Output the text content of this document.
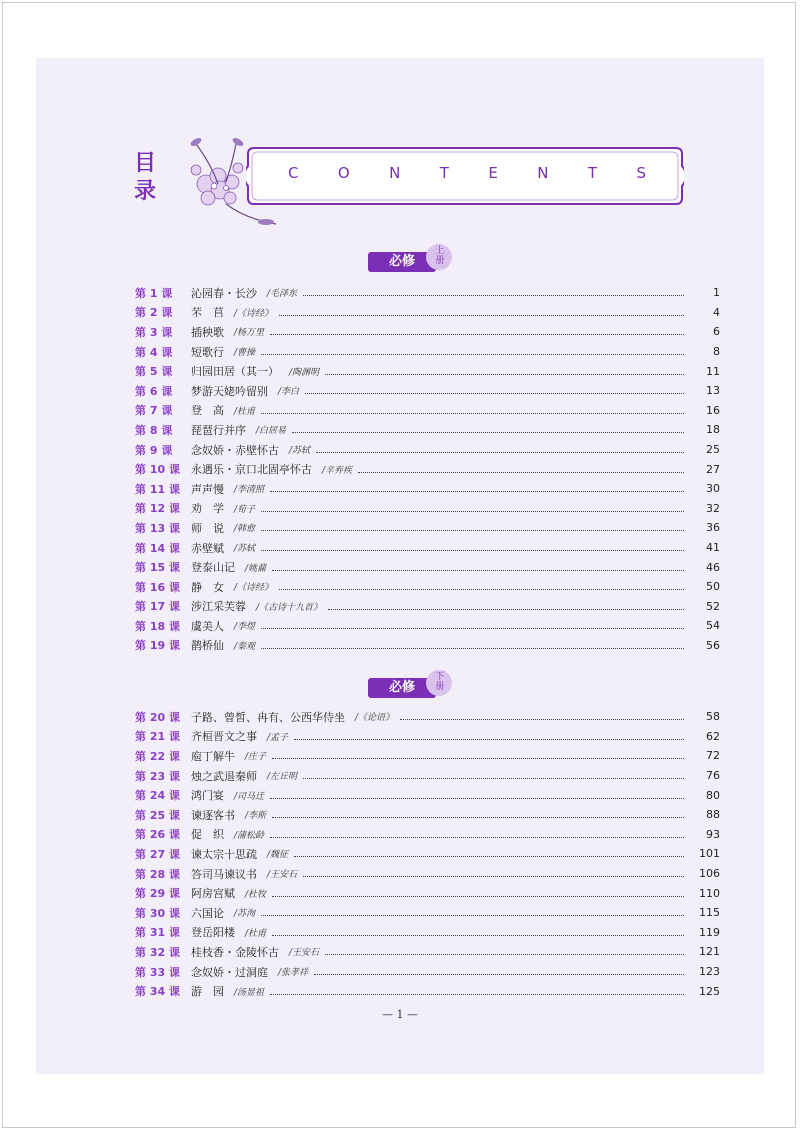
目
录
C O N T E N T S
必修
上册
第 1 课	沁园春・长沙 /毛泽东	1
第 2 课	芣　苢 /《诗经》	4
第 3 课	插秧歌 /杨万里	6
第 4 课	短歌行 /曹操	8
第 5 课	归园田居（其一） /陶渊明	11
第 6 课	梦游天姥吟留别 /李白	13
第 7 课	登　高 /杜甫	16
第 8 课	琵琶行并序 /白居易	18
第 9 课	念奴娇・赤壁怀古 /苏轼	25
第 10 课	永遇乐・京口北固亭怀古 /辛弃疾	27
第 11 课	声声慢 /李清照	30
第 12 课	劝　学 /荀子	32
第 13 课	师　说 /韩愈	36
第 14 课	赤壁赋 /苏轼	41
第 15 课	登泰山记 /姚鼐	46
第 16 课	静　女 /《诗经》	50
第 17 课	涉江采芙蓉 /《古诗十九首》	52
第 18 课	虞美人 /李煜	54
第 19 课	鹊桥仙 /秦观	56
必修
下册
第 20 课	子路、曾皙、冉有、公西华侍坐 /《论语》	58
第 21 课	齐桓晋文之事 /孟子	62
第 22 课	庖丁解牛 /庄子	72
第 23 课	烛之武退秦师 /左丘明	76
第 24 课	鸿门宴 /司马迁	80
第 25 课	谏逐客书 /李斯	88
第 26 课	促　织 /蒲松龄	93
第 27 课	谏太宗十思疏 /魏征	101
第 28 课	答司马谏议书 /王安石	106
第 29 课	阿房宫赋 /杜牧	110
第 30 课	六国论 /苏洵	115
第 31 课	登岳阳楼 /杜甫	119
第 32 课	桂枝香・金陵怀古 /王安石	121
第 33 课	念奴娇・过洞庭 /张孝祥	123
第 34 课	游　园 /汤显祖	125
— 1 —
